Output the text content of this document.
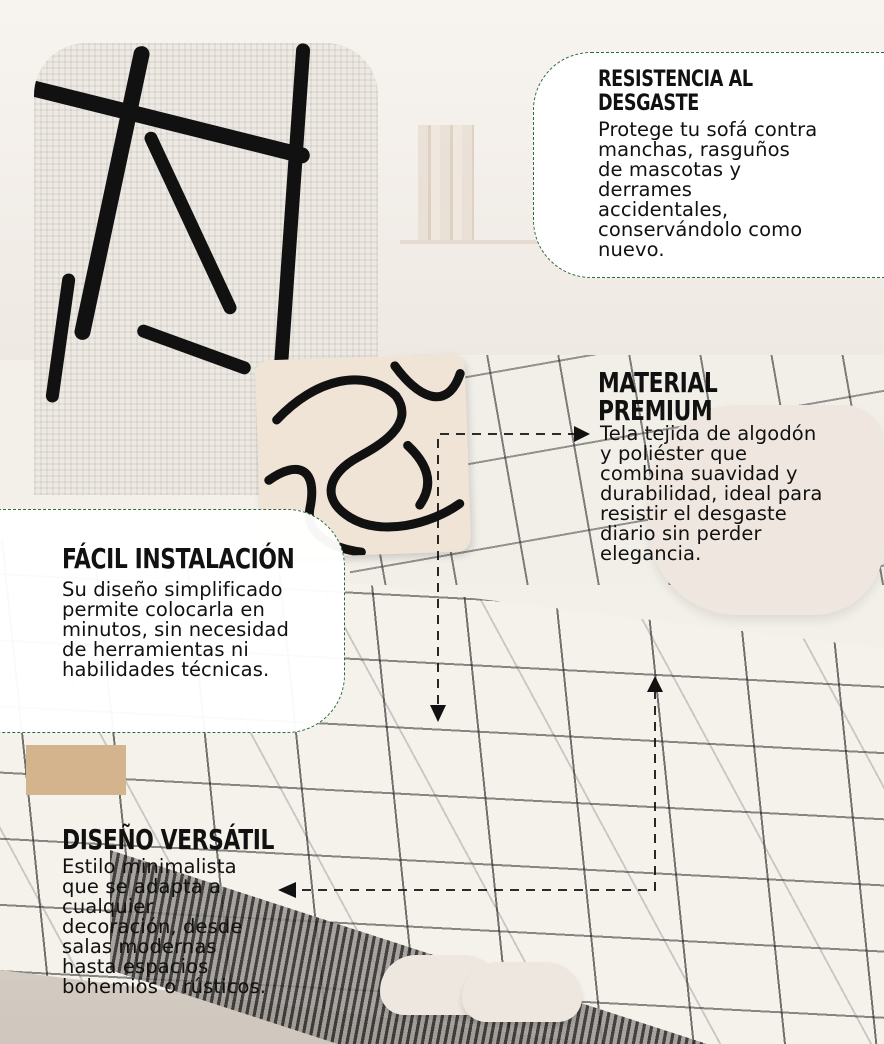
RESISTENCIA AL
DESGASTE
Protege tu sofá contra
manchas, rasguños
de mascotas y
derrames
accidentales,
conservándolo como
nuevo.
MATERIAL PREMIUM
Tela tejida de algodón
y poliéster que
combina suavidad y
durabilidad, ideal para
resistir el desgaste
diario sin perder
elegancia.
FÁCIL INSTALACIÓN
Su diseño simplificado
permite colocarla en
minutos, sin necesidad
de herramientas ni
habilidades técnicas.
DISEÑO VERSÁTIL
Estilo minimalista
que se adapta a
cualquier
decoración, desde
salas modernas
hasta espacios
bohemios o rústicos.
